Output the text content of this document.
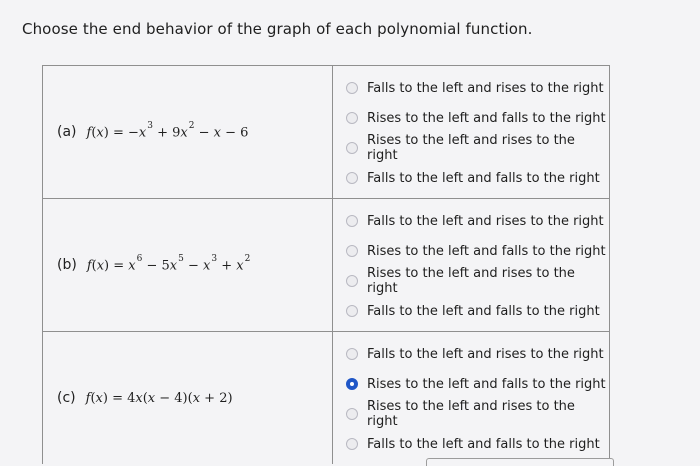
Choose the end behavior of the graph of each polynomial function.
(a) $f(x) = -x^3 + 9x^2 - x - 6$
Falls to the left and rises to the right
Rises to the left and falls to the right
Rises to the left and rises to the right
Falls to the left and falls to the right
(b) $f(x) = x^6 - 5x^5 - x^3 + x^2$
Falls to the left and rises to the right
Rises to the left and falls to the right
Rises to the left and rises to the right
Falls to the left and falls to the right
(c) f(x) = 4x(x − 4)(x + 2)
Falls to the left and rises to the right
Rises to the left and falls to the right
Rises to the left and rises to the right
Falls to the left and falls to the right
